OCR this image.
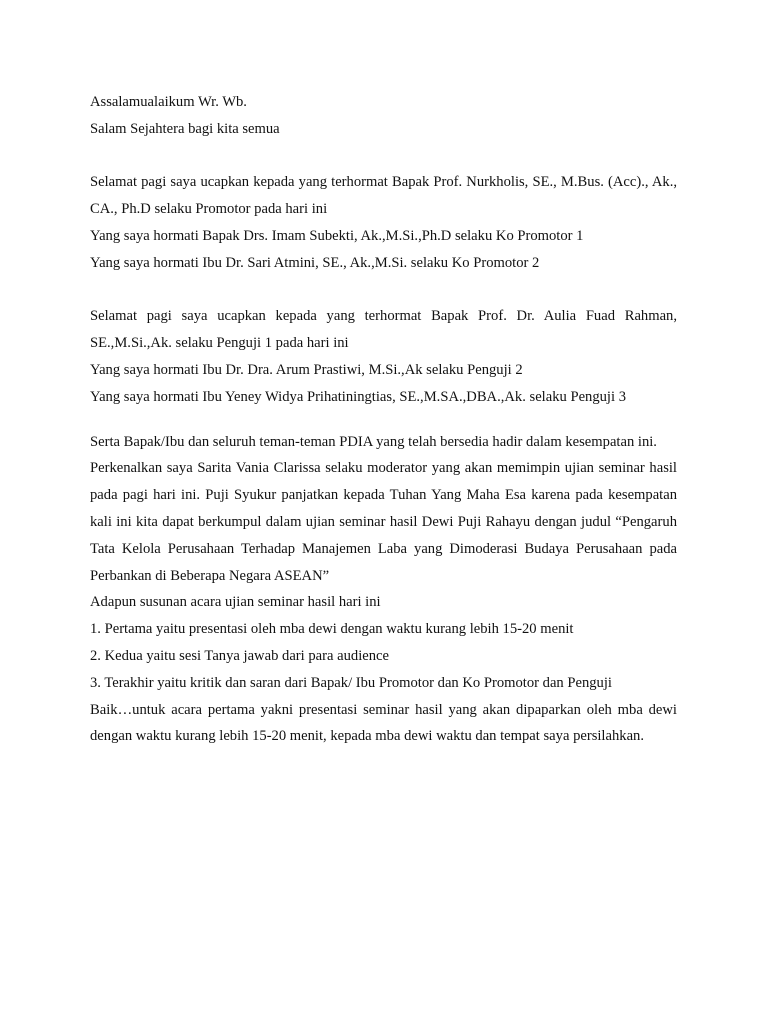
Assalamualaikum Wr. Wb.

Salam Sejahtera bagi kita semua

Selamat pagi saya ucapkan kepada yang terhormat Bapak Prof. Nurkholis, SE., M.Bus. (Acc)., Ak., CA., Ph.D selaku Promotor pada hari ini

Yang saya hormati Bapak Drs. Imam Subekti, Ak.,M.Si.,Ph.D selaku Ko Promotor 1

Yang saya hormati Ibu Dr. Sari Atmini, SE., Ak.,M.Si. selaku Ko Promotor 2

Selamat pagi saya ucapkan kepada yang terhormat Bapak Prof. Dr. Aulia Fuad Rahman, SE.,M.Si.,Ak. selaku Penguji 1 pada hari ini

Yang saya hormati Ibu Dr. Dra. Arum Prastiwi, M.Si.,Ak selaku Penguji 2

Yang saya hormati Ibu Yeney Widya Prihatiningtias, SE.,M.SA.,DBA.,Ak. selaku Penguji 3

Serta Bapak/Ibu dan seluruh teman-teman PDIA yang telah bersedia hadir dalam kesempatan ini.

Perkenalkan saya Sarita Vania Clarissa selaku moderator yang akan memimpin ujian seminar hasil pada pagi hari ini. Puji Syukur panjatkan kepada Tuhan Yang Maha Esa karena pada kesempatan kali ini kita dapat berkumpul dalam ujian seminar hasil Dewi Puji Rahayu dengan judul “Pengaruh Tata Kelola Perusahaan Terhadap Manajemen Laba yang Dimoderasi Budaya Perusahaan pada Perbankan di Beberapa Negara ASEAN”

Adapun susunan acara ujian seminar hasil hari ini

1. Pertama yaitu presentasi oleh mba dewi dengan waktu kurang lebih 15-20 menit

2. Kedua yaitu sesi Tanya jawab dari para audience

3. Terakhir yaitu kritik dan saran dari Bapak/ Ibu Promotor dan Ko Promotor dan Penguji

Baik…untuk acara pertama yakni presentasi seminar hasil yang akan dipaparkan oleh mba dewi dengan waktu kurang lebih 15-20 menit, kepada mba dewi waktu dan tempat saya persilahkan.
